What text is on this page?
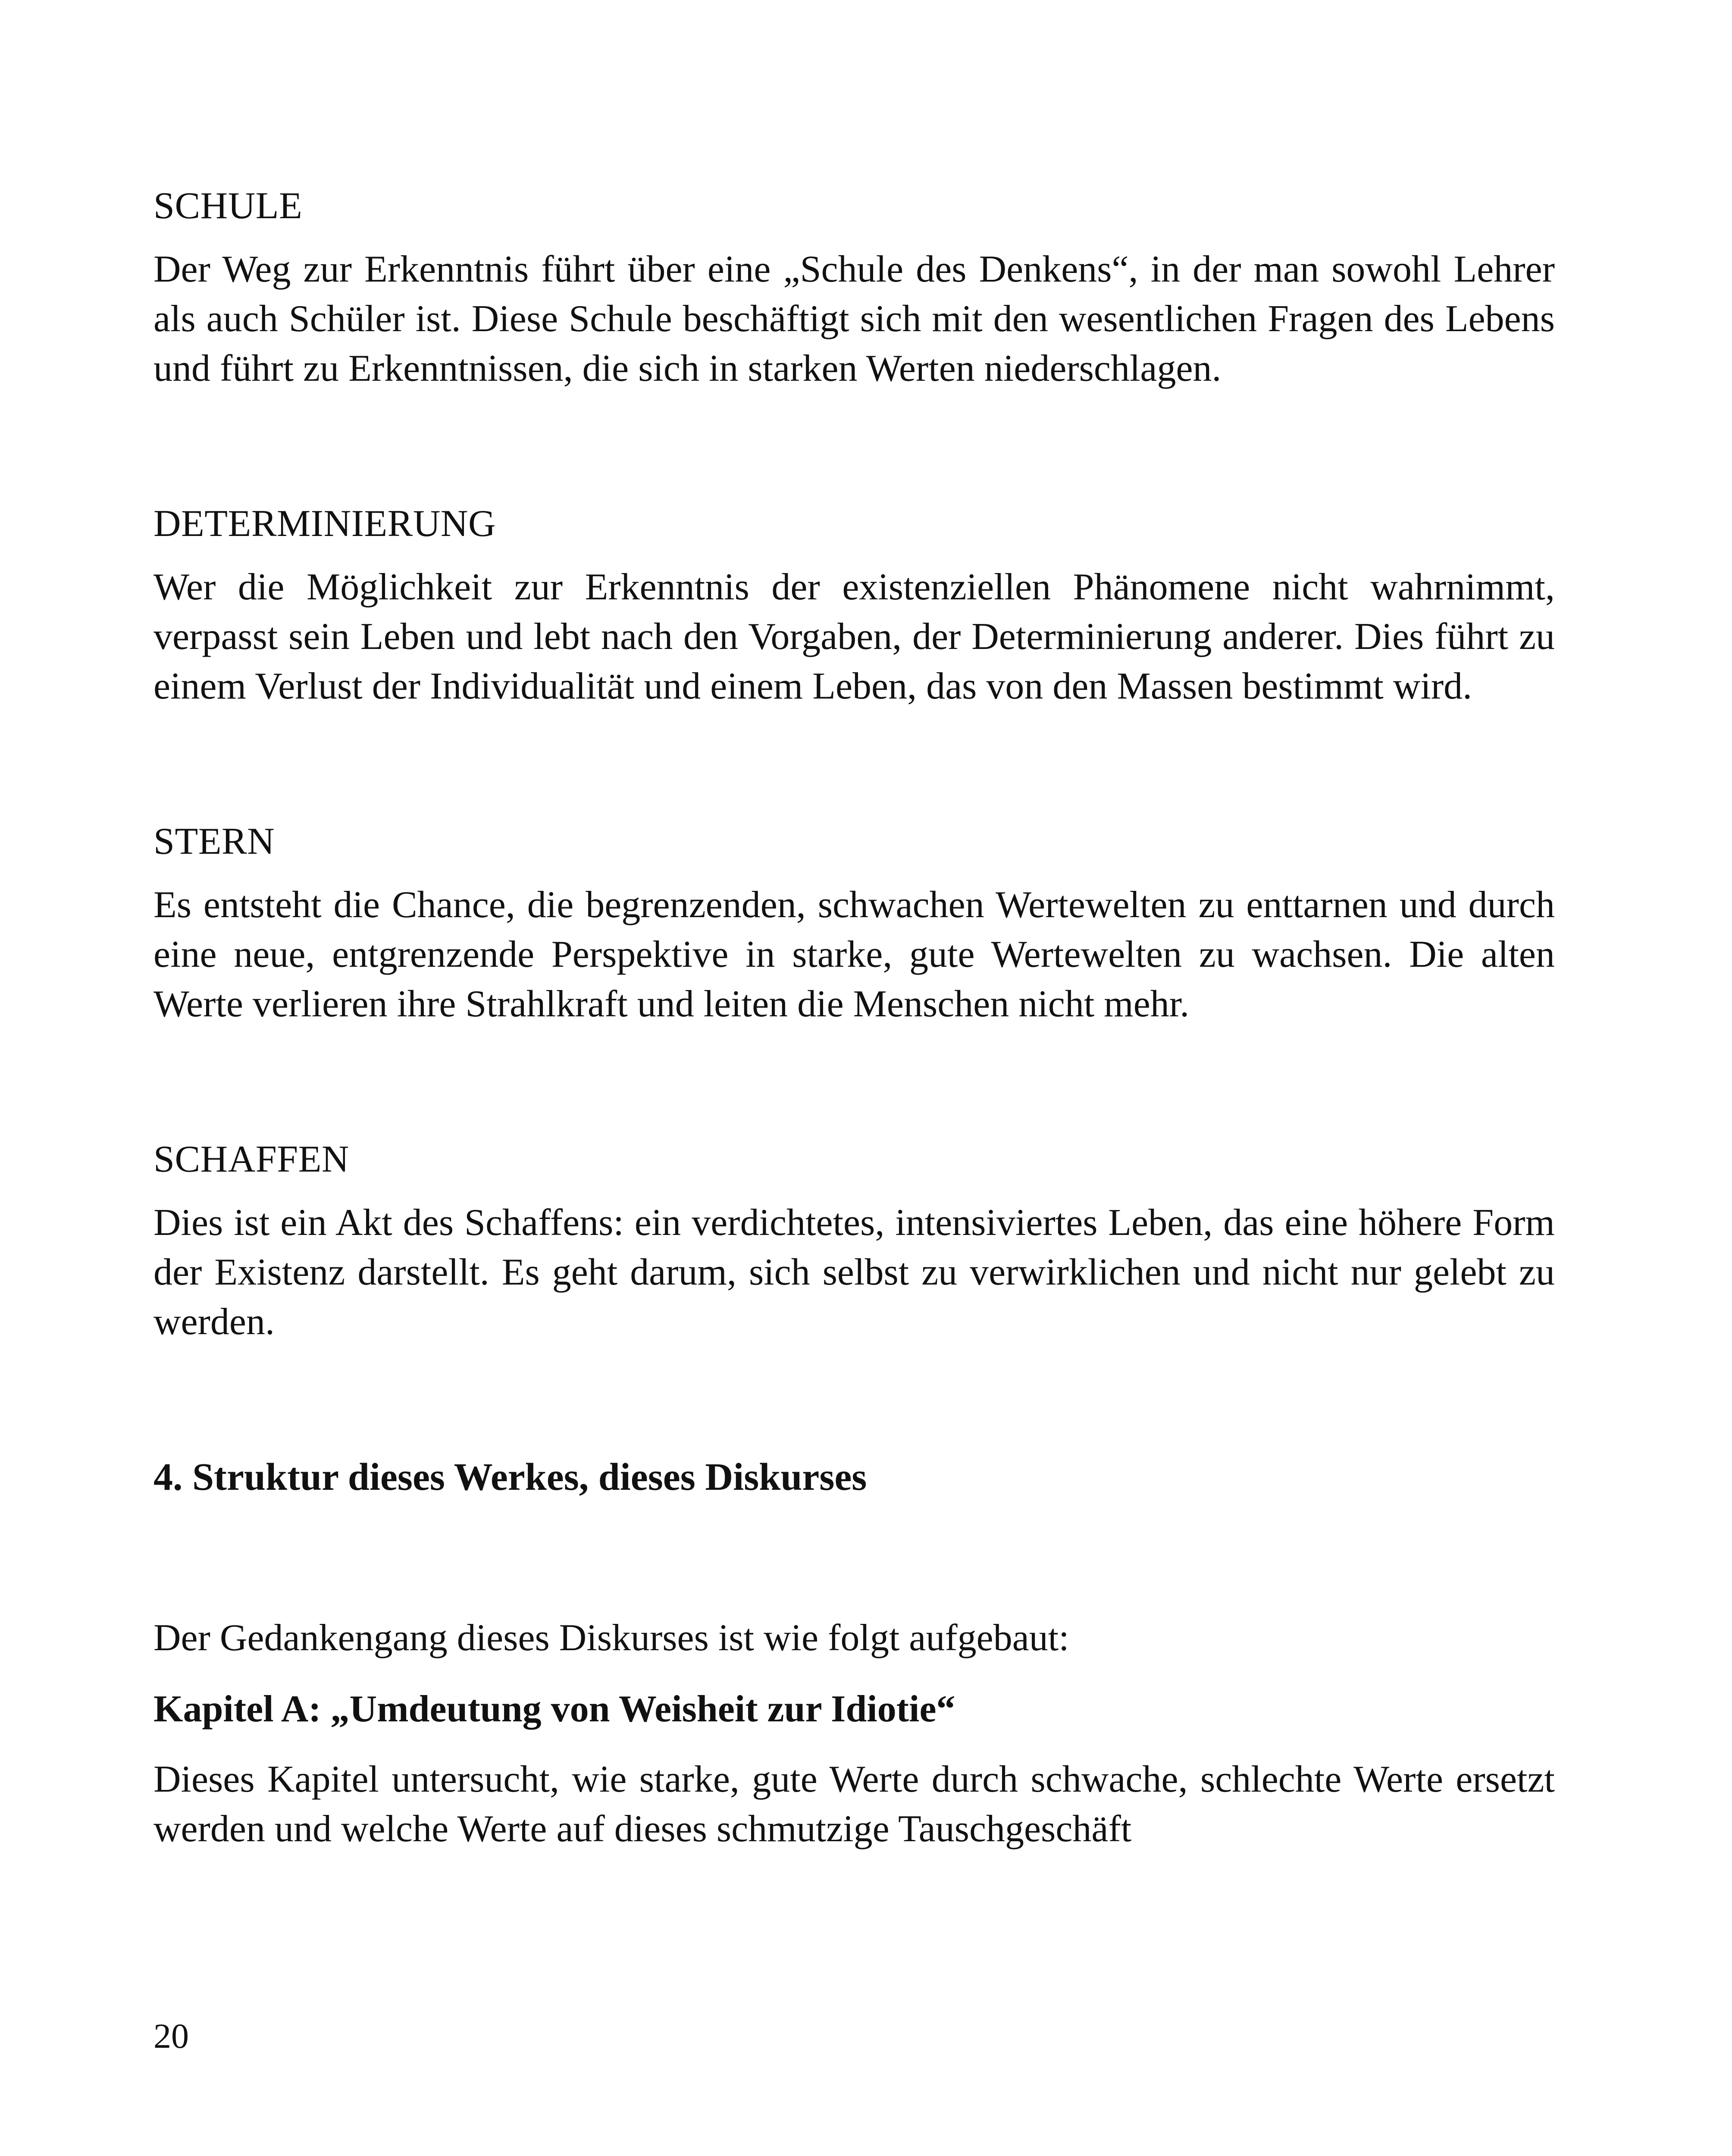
SCHULE

Der Weg zur Erkenntnis führt über eine „Schule des Denkens“, in der man sowohl Lehrer als auch Schüler ist. Diese Schule beschäftigt sich mit den wesentlichen Fragen des Lebens und führt zu Erkenntnissen, die sich in starken Werten niederschlagen.

DETERMINIERUNG

Wer die Möglichkeit zur Erkenntnis der existenziellen Phänomene nicht wahrnimmt, verpasst sein Leben und lebt nach den Vorgaben, der Determinierung anderer. Dies führt zu einem Verlust der Individualität und einem Leben, das von den Massen bestimmt wird.

STERN

Es entsteht die Chance, die begrenzenden, schwachen Wertewelten zu enttarnen und durch eine neue, entgrenzende Perspektive in starke, gute Wertewelten zu wachsen. Die alten Werte verlieren ihre Strahlkraft und leiten die Menschen nicht mehr.

SCHAFFEN

Dies ist ein Akt des Schaffens: ein verdichtetes, intensiviertes Leben, das eine höhere Form der Existenz darstellt. Es geht darum, sich selbst zu verwirklichen und nicht nur gelebt zu werden.

4. Struktur dieses Werkes, dieses Diskurses

Der Gedankengang dieses Diskurses ist wie folgt aufgebaut:

Kapitel A: „Umdeutung von Weisheit zur Idiotie“

Dieses Kapitel untersucht, wie starke, gute Werte durch schwache, schlechte Werte ersetzt werden und welche Werte auf dieses schmutzige Tauschgeschäft

20
